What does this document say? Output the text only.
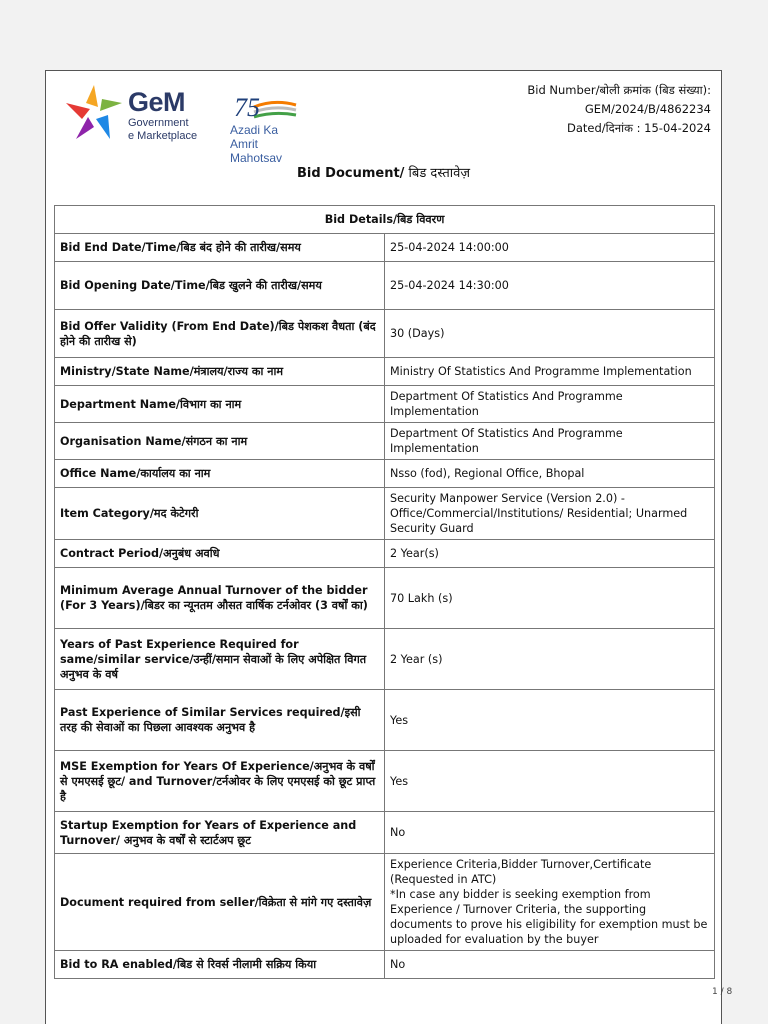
GeM
Government
e Marketplace
75
Azadi Ka
Amrit Mahotsav
Bid Number/बोली क्रमांक (बिड संख्या):
GEM/2024/B/4862234
Dated/दिनांक : 15-04-2024
Bid Document/ बिड दस्तावेज़
Bid Details/बिड विवरण	
Bid End Date/Time/बिड बंद होने की तारीख/समय	25-04-2024 14:00:00
Bid Opening Date/Time/बिड खुलने की तारीख/समय	25-04-2024 14:30:00
Bid Offer Validity (From End Date)/बिड पेशकश वैधता (बंद होने की तारीख से)	30 (Days)
Ministry/State Name/मंत्रालय/राज्य का नाम	Ministry Of Statistics And Programme Implementation
Department Name/विभाग का नाम	Department Of Statistics And Programme Implementation
Organisation Name/संगठन का नाम	Department Of Statistics And Programme Implementation
Office Name/कार्यालय का नाम	Nsso (fod), Regional Office, Bhopal
Item Category/मद केटेगरी	Security Manpower Service (Version 2.0) - Office/Commercial/Institutions/ Residential; Unarmed Security Guard
Contract Period/अनुबंध अवधि	2 Year(s)
Minimum Average Annual Turnover of the bidder (For 3 Years)/बिडर का न्यूनतम औसत वार्षिक टर्नओवर (3 वर्षों का)	70 Lakh (s)
Years of Past Experience Required for same/similar service/उन्हीं/समान सेवाओं के लिए अपेक्षित विगत अनुभव के वर्ष	2 Year (s)
Past Experience of Similar Services required/इसी तरह की सेवाओं का पिछला आवश्यक अनुभव है	Yes
MSE Exemption for Years Of Experience/अनुभव के वर्षों से एमएसई छूट/ and Turnover/टर्नओवर के लिए एमएसई को छूट प्राप्त है	Yes
Startup Exemption for Years of Experience and Turnover/ अनुभव के वर्षों से स्टार्टअप छूट	No
Document required from seller/विक्रेता से मांगे गए दस्तावेज़	Experience Criteria,Bidder Turnover,Certificate (Requested in ATC)
*In case any bidder is seeking exemption from Experience / Turnover Criteria, the supporting documents to prove his eligibility for exemption must be uploaded for evaluation by the buyer
Bid to RA enabled/बिड से रिवर्स नीलामी सक्रिय किया	No
1 / 8
